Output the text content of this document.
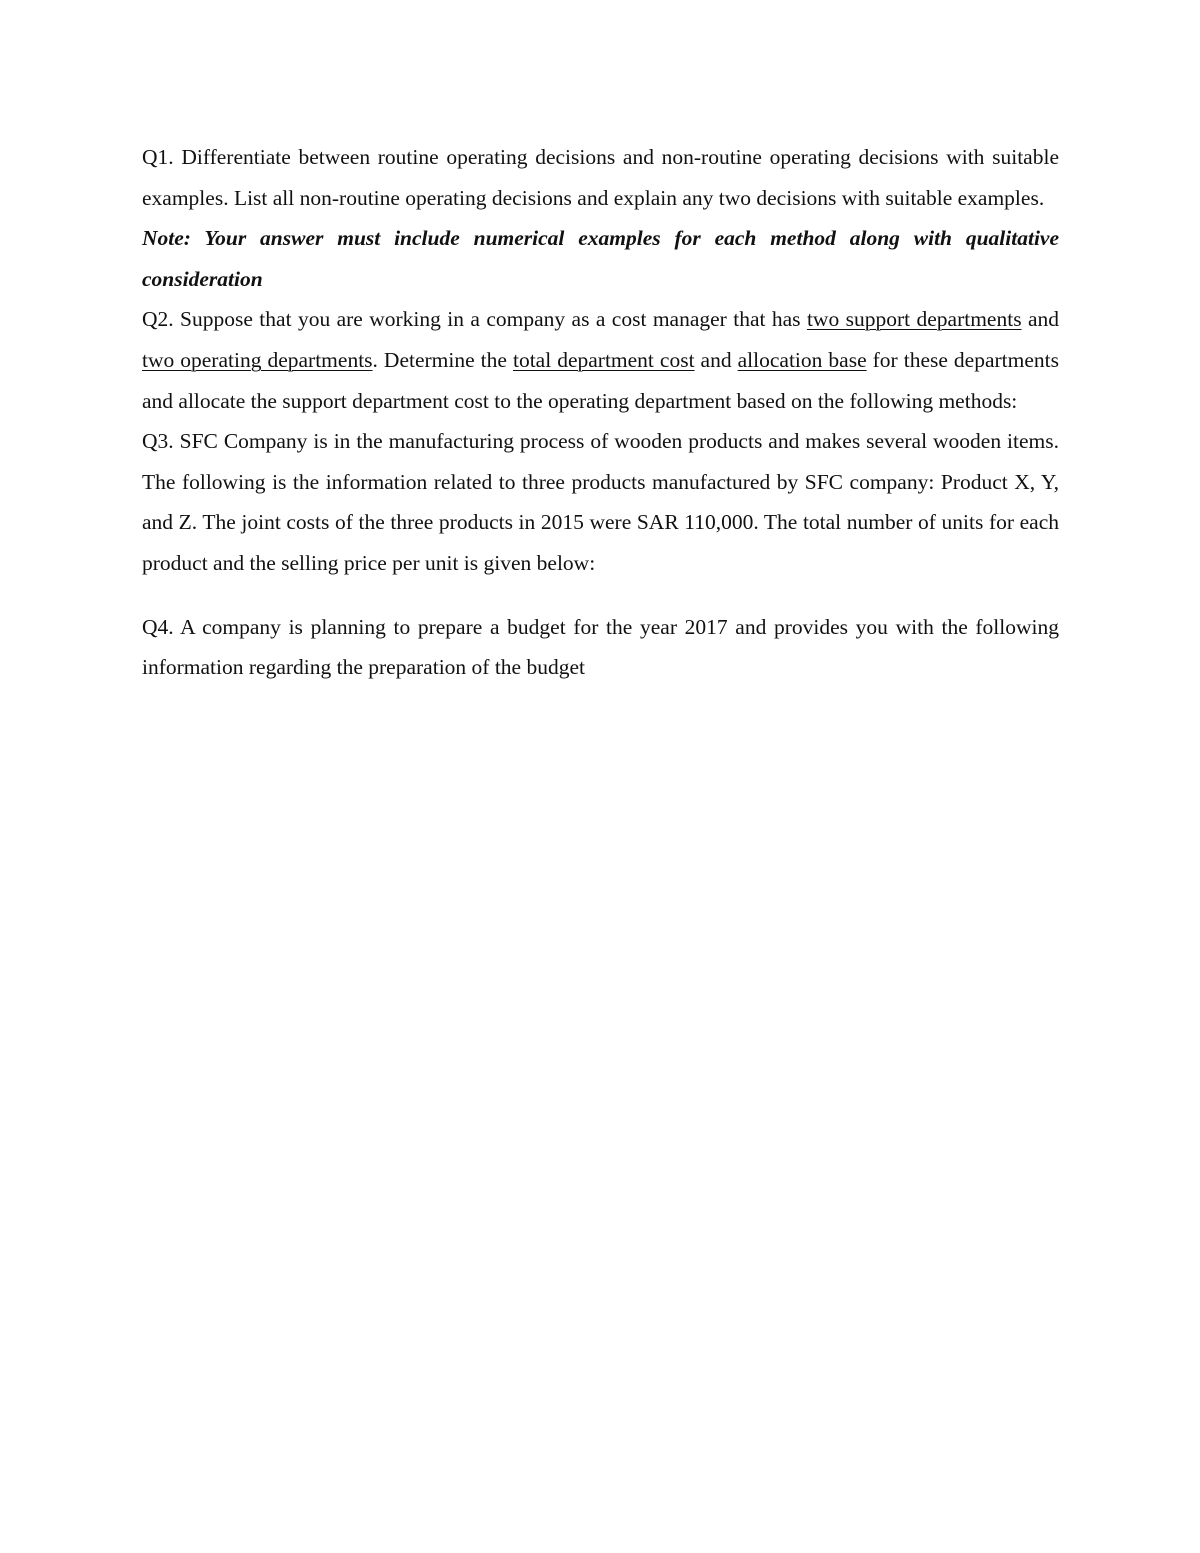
Q1. Differentiate between routine operating decisions and non-routine operating decisions with suitable examples. List all non-routine operating decisions and explain any two decisions with suitable examples.

Note: Your answer must include numerical examples for each method along with qualitative consideration

Q2. Suppose that you are working in a company as a cost manager that has two support departments and two operating departments. Determine the total department cost and allocation base for these departments and allocate the support department cost to the operating department based on the following methods:

Q3. SFC Company is in the manufacturing process of wooden products and makes several wooden items. The following is the information related to three products manufactured by SFC company: Product X, Y, and Z. The joint costs of the three products in 2015 were SAR 110,000. The total number of units for each product and the selling price per unit is given below:

Q4. A company is planning to prepare a budget for the year 2017 and provides you with the following information regarding the preparation of the budget
